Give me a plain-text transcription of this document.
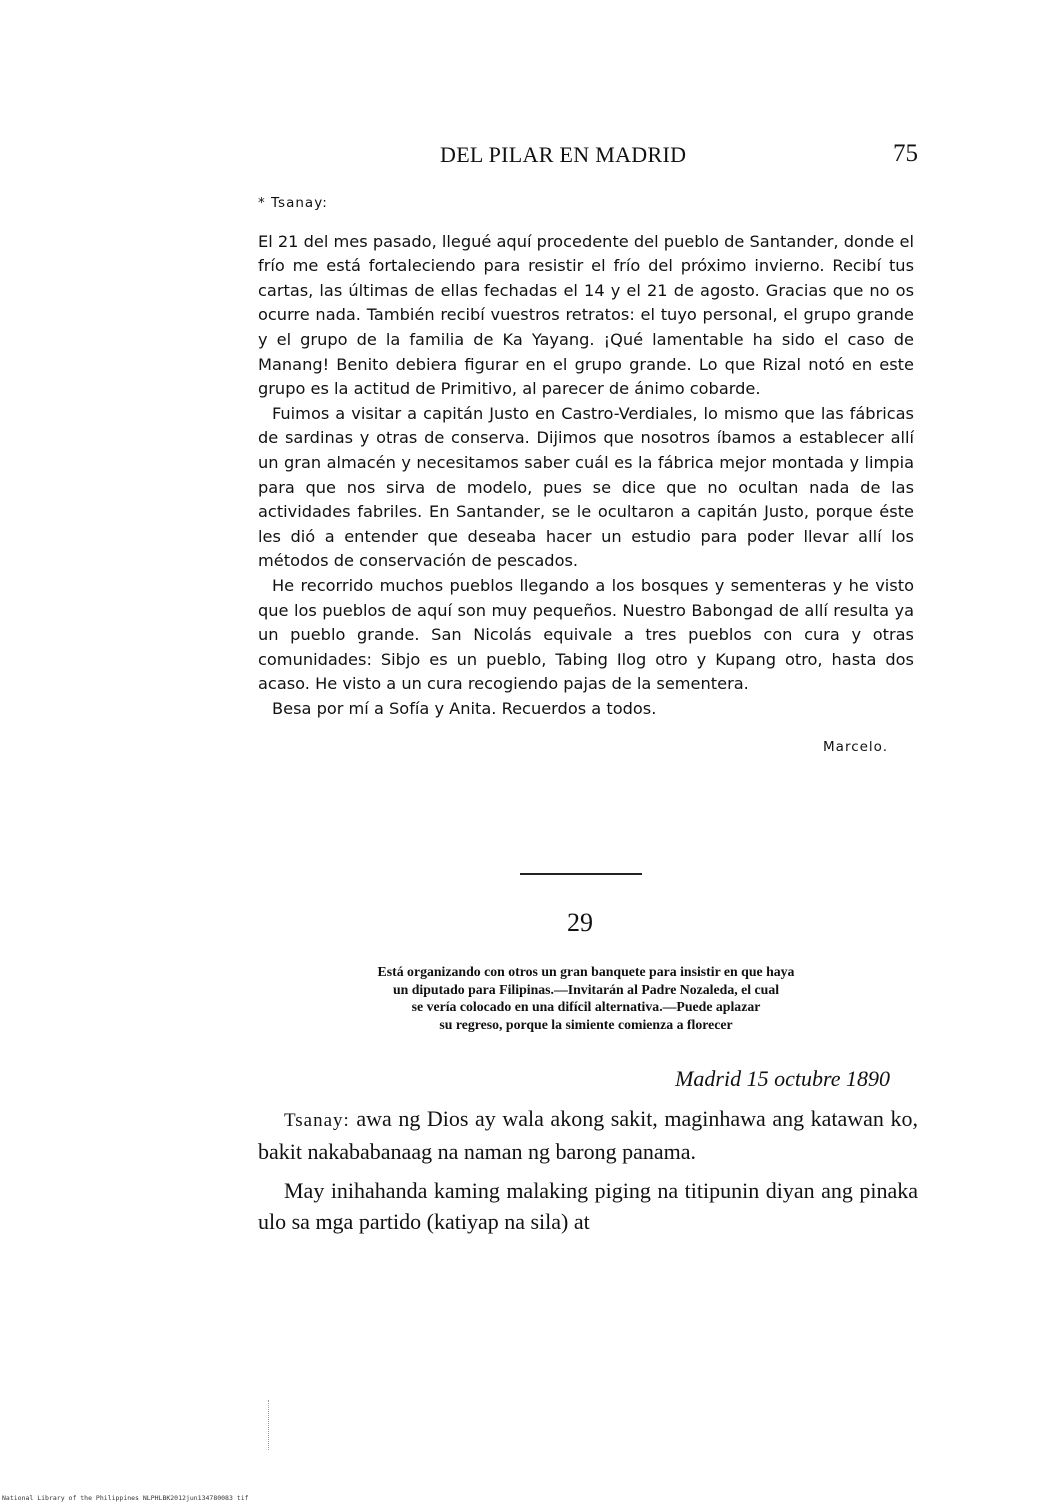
DEL PILAR EN MADRID	75
* Tsanay:

El 21 del mes pasado, llegué aquí procedente del pueblo de Santander, donde el frío me está fortaleciendo para resistir el frío del próximo invierno. Recibí tus cartas, las últimas de ellas fechadas el 14 y el 21 de agosto. Gracias que no os ocurre nada. También recibí vuestros retratos: el tuyo personal, el grupo grande y el grupo de la familia de Ka Yayang. ¡Qué lamentable ha sido el caso de Manang! Benito debiera figurar en el grupo grande. Lo que Rizal notó en este grupo es la actitud de Primitivo, al parecer de ánimo cobarde.

Fuimos a visitar a capitán Justo en Castro-Verdiales, lo mismo que las fábricas de sardinas y otras de conserva. Dijimos que nosotros íbamos a establecer allí un gran almacén y necesitamos saber cuál es la fábrica mejor montada y limpia para que nos sirva de modelo, pues se dice que no ocultan nada de las actividades fabriles. En Santander, se le ocultaron a capitán Justo, porque éste les dió a entender que deseaba hacer un estudio para poder llevar allí los métodos de conservación de pescados.

He recorrido muchos pueblos llegando a los bosques y sementeras y he visto que los pueblos de aquí son muy pequeños. Nuestro Babongad de allí resulta ya un pueblo grande. San Nicolás equivale a tres pueblos con cura y otras comunidades: Sibjo es un pueblo, Tabing Ilog otro y Kupang otro, hasta dos acaso. He visto a un cura recogiendo pajas de la sementera.

Besa por mí a Sofía y Anita. Recuerdos a todos.

Marcelo.
29
Está organizando con otros un gran banquete para insistir en que haya
un diputado para Filipinas.—Invitarán al Padre Nozaleda, el cual
se vería colocado en una difícil alternativa.—Puede aplazar
su regreso, porque la simiente comienza a florecer
Madrid 15 octubre 1890

Tsanay: awa ng Dios ay wala akong sakit, maginhawa ang katawan ko, bakit nakababanaag na naman ng barong panama.

May inihahanda kaming malaking piging na titipunin diyan ang pinaka ulo sa mga partido (katiyap na sila) at

National Library of the Philippines NLPHLBK2012jun134780083 tif
